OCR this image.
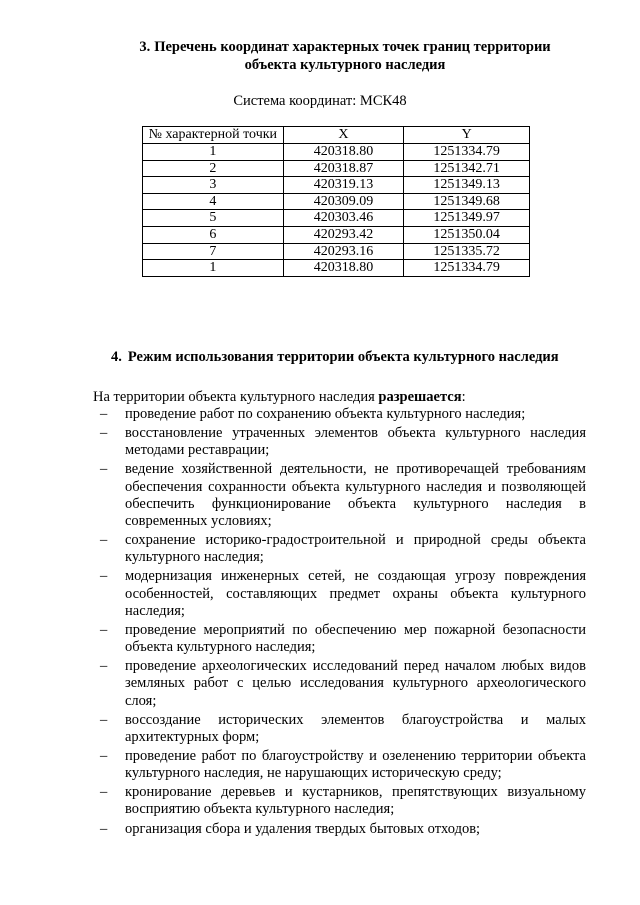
3. Перечень координат характерных точек границ территории
объекта культурного наследия
Система координат: МСК48
№ характерной точки	X	Y
1	420318.80	1251334.79
2	420318.87	1251342.71
3	420319.13	1251349.13
4	420309.09	1251349.68
5	420303.46	1251349.97
6	420293.42	1251350.04
7	420293.16	1251335.72
1	420318.80	1251334.79
4. Режим использования территории объекта культурного наследия
На территории объекта культурного наследия разрешается:
– проведение работ по сохранению объекта культурного наследия;
– восстановление утраченных элементов объекта культурного наследия методами реставрации;
– ведение хозяйственной деятельности, не противоречащей требованиям обеспечения сохранности объекта культурного наследия и позволяющей обеспечить функционирование объекта культурного наследия в современных условиях;
– сохранение историко-градостроительной и природной среды объекта культурного наследия;
– модернизация инженерных сетей, не создающая угрозу повреждения особенностей, составляющих предмет охраны объекта культурного наследия;
– проведение мероприятий по обеспечению мер пожарной безопасности объекта культурного наследия;
– проведение археологических исследований перед началом любых видов земляных работ с целью исследования культурного археологического слоя;
– воссоздание исторических элементов благоустройства и малых архитектурных форм;
– проведение работ по благоустройству и озеленению территории объекта культурного наследия, не нарушающих историческую среду;
– кронирование деревьев и кустарников, препятствующих визуальному восприятию объекта культурного наследия;
– организация сбора и удаления твердых бытовых отходов;
